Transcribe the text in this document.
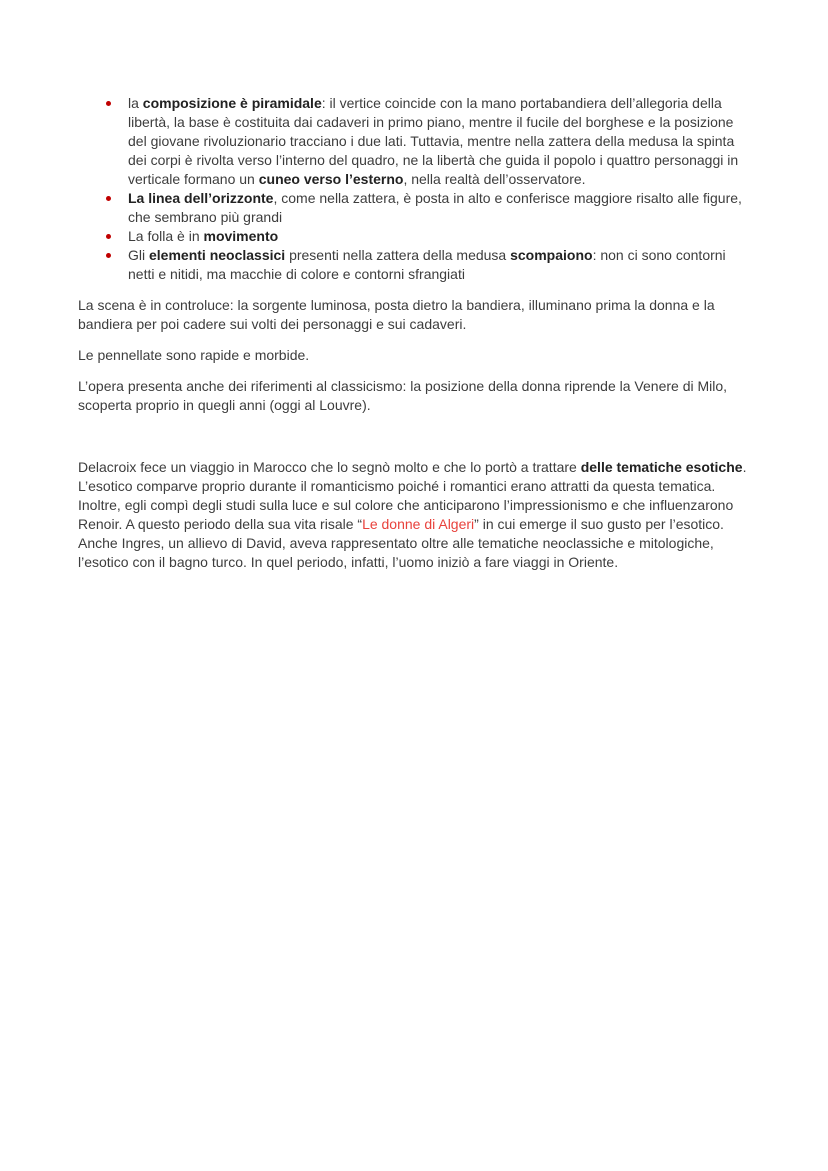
la composizione è piramidale: il vertice coincide con la mano portabandiera dell’allegoria della libertà, la base è costituita dai cadaveri in primo piano, mentre il fucile del borghese e la posizione del giovane rivoluzionario tracciano i due lati. Tuttavia, mentre nella zattera della medusa la spinta dei corpi è rivolta verso l’interno del quadro, ne la libertà che guida il popolo i quattro personaggi in verticale formano un cuneo verso l’esterno, nella realtà dell’osservatore.
La linea dell’orizzonte, come nella zattera, è posta in alto e conferisce maggiore risalto alle figure, che sembrano più grandi
La folla è in movimento
Gli elementi neoclassici presenti nella zattera della medusa scompaiono: non ci sono contorni netti e nitidi, ma macchie di colore e contorni sfrangiati

La scena è in controluce: la sorgente luminosa, posta dietro la bandiera, illuminano prima la donna e la bandiera per poi cadere sui volti dei personaggi e sui cadaveri.

Le pennellate sono rapide e morbide.

L’opera presenta anche dei riferimenti al classicismo: la posizione della donna riprende la Venere di Milo, scoperta proprio in quegli anni (oggi al Louvre).

Delacroix fece un viaggio in Marocco che lo segnò molto e che lo portò a trattare delle tematiche esotiche. L’esotico comparve proprio durante il romanticismo poiché i romantici erano attratti da questa tematica. Inoltre, egli compì degli studi sulla luce e sul colore che anticiparono l’impressionismo e che influenzarono Renoir. A questo periodo della sua vita risale “Le donne di Algeri” in cui emerge il suo gusto per l’esotico. Anche Ingres, un allievo di David, aveva rappresentato oltre alle tematiche neoclassiche e mitologiche, l’esotico con il bagno turco. In quel periodo, infatti, l’uomo iniziò a fare viaggi in Oriente.
